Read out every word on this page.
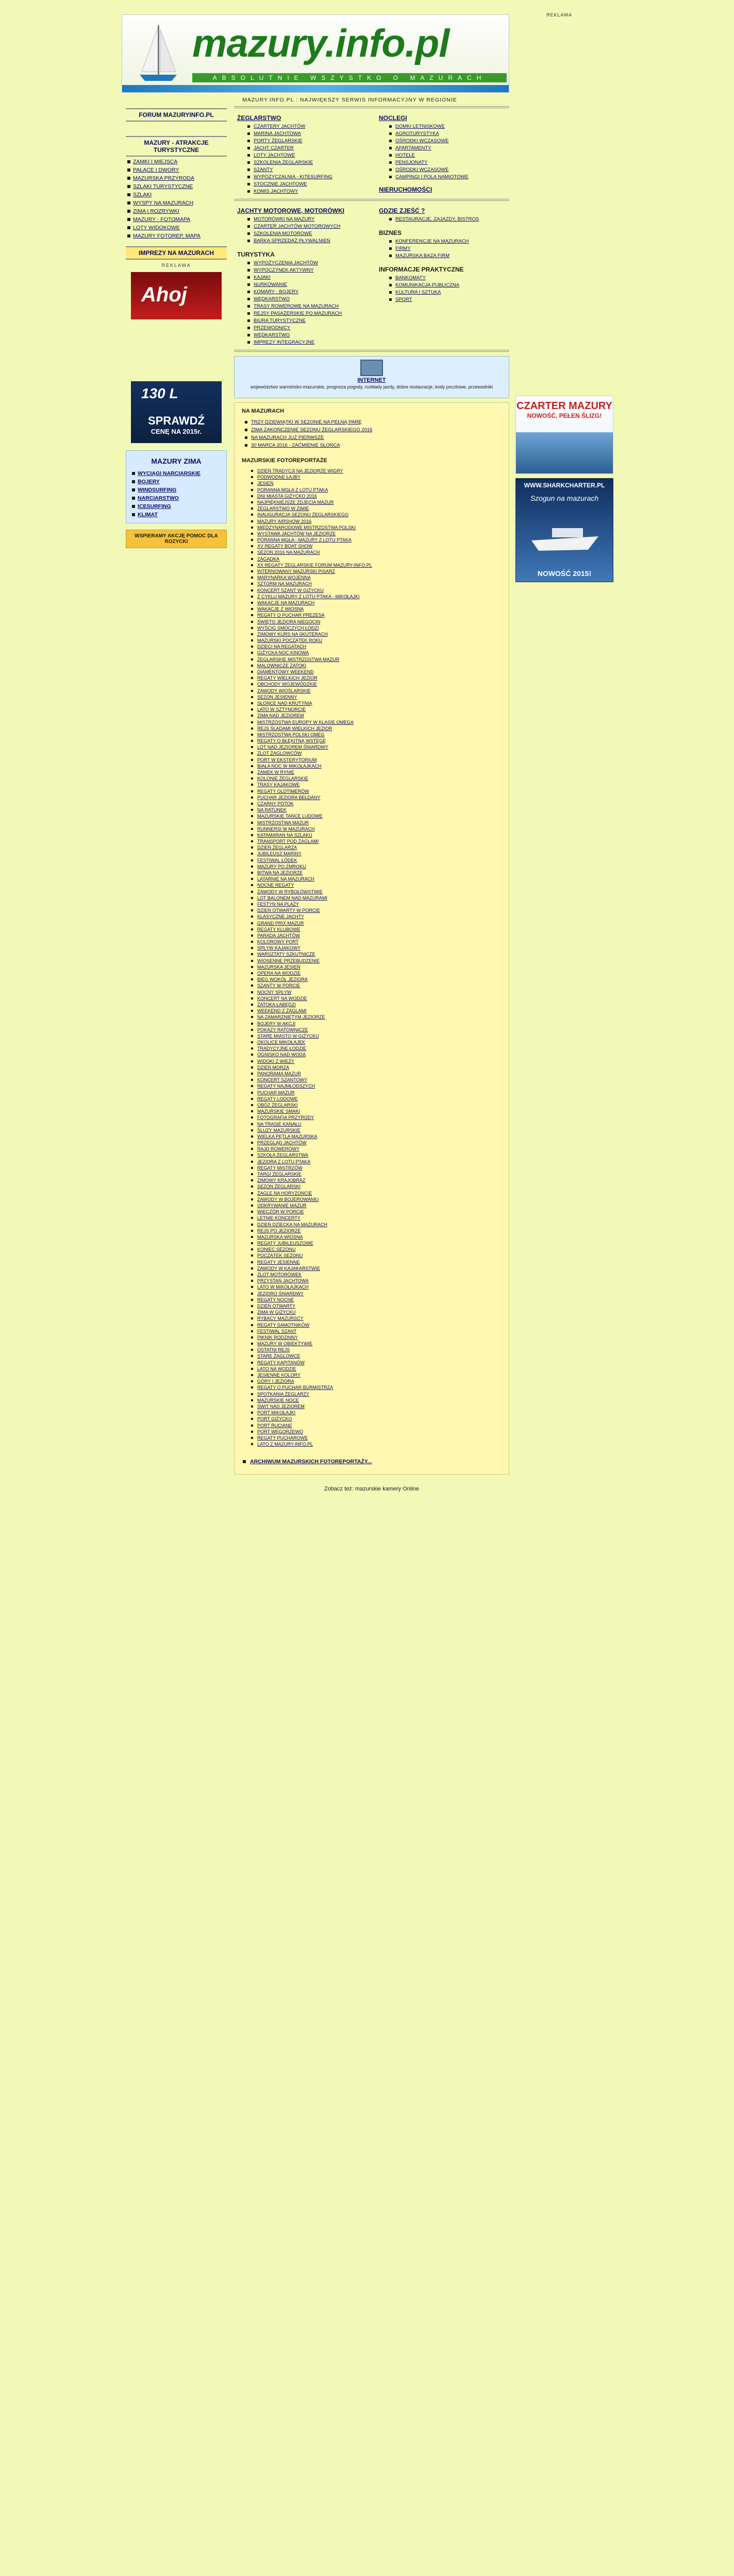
REKLAMA
mazury.info.pl
ABSOLUTNIE WSZYSTKO O MAZURACH
FORUM MAZURYINFO.PL
MAZURY - ATRAKCJE TURYSTYCZNE
ZAMKI I MIEJSCA
PAŁACE I DWORY
MAZURSKA PRZYRODA
SZLAKI TURYSTYCZNE
SZLAKI
WYSPY NA MAZURACH
ZIMA I ROZRYWKI
MAZURY - FOTOMAPA
LOTY WIDOKOWE
MAZURY FOTOREP. MAPA
IMPREZY NA MAZURACH
REKLAMA
Ahoj
130 L
SPRAWDŹ
CENĘ NA 2015r.
MAZURY ZIMA
WYCIĄGI NARCIARSKIE
BOJERY
WINDSURFING
NARCIARSTWO
ICESURFING
KLIMAT
WSPIERAMY AKCJĘ POMOC DLA ROZYCKI
MAZURY.INFO.PL : NAJWIĘKSZY SERWIS INFORMACYJNY W REGIONIE
ŻEGLARSTWO
CZARTERY JACHTÓW
MARINA JACHTOWA
PORTY ŻEGLARSKIE
JACHT CZARTER
LOTY JACHTOWE
SZKOLENIA ŻEGLARSKIE
SZANTY
WYPOŻYCZALNIA - KITESURFING
STOCZNIE JACHTOWE
KOMIS JACHTOWY
NOCLEGI
DOMKI LETNISKOWE
AGROTURYSTYKA
OŚRODKI WCZASOWE
APARTAMENTY
HOTELE
PENSJONATY
OŚRODKI WCZASOWE
CAMPINGI I POLA NAMIOTOWE
NIERUCHOMOŚCI
JACHTY MOTOROWE, MOTORÓWKI
MOTORÓWKI NA MAZURY
CZARTER JACHTÓW MOTOROWYCH
SZKOLENIA MOTOROWE
BARKA SPRZEDAŻ PŁYWALNIEŃ
TURYSTYKA
WYPOŻYCZENIA JACHTÓW
WYPOCZYNEK AKTYWNY
KAJAKI
NURKOWANIE
KOMARY - BOJERY
WĘDKARSTWO
TRASY ROWEROWE NA MAZURACH
REJSY PASAŻERSKIE PO MAZURACH
BIURA TURYSTYCZNE
PRZEWODNICY
WĘDKARSTWO
IMPREZY INTEGRACYJNE
GDZIE ZJEŚĆ ?
RESTAURACJE, ZAJAZDY, BISTROS
BIZNES
KONFERENCJE NA MAZURACH
FIRMY
MAZURSKA BAZA FIRM
INFORMACJE PRAKTYCZNE
BANKOMATY
KOMUNIKACJA PUBLICZNA
KULTURA I SZTUKA
SPORT
INTERNET
województwo warmińsko-mazurskie, prognoza pogody, rozkłady jazdy, dobre restauracje, kody pocztowe, przewodniki
NA MAZURACH
TRZY DZIEWIĄTKI W SEZONIE NA PEŁNĄ PARĘ
ZIMA ZAKOŃCZENIE SEZONU ŻEGLARSKIEGO 2016
NA MAZURACH JUŻ PIERWSZE
30 MARCA 2016 - ZAĆMIENIE SŁOŃCA
MAZURSKIE FOTOREPORTAŻE
DZIEŃ TRADYCJI NA JEZIORZE WIGRY
PODWODNE ŁAJBY
JESIEŃ
PORANNA MGŁA Z LOTU PTAKA
DNI MIASTA GIŻYCKO 2016
NAJPIĘKNIEJSZE ZDJĘCIA MAZUR
ŻEGLARSTWO W ZIMIE
INAUGURACJA SEZONU ŻEGLARSKIEGO
MAZURY AIRSHOW 2016
MIĘDZYNARODOWE MISTRZOSTWA POLSKI
WYSTAWA JACHTÓW NA JEZIORZE
PORANNA MGŁA - MAZURY Z LOTU PTAKA
XV REGATY BOAT SHOW
SEZON 2016 NA MAZURACH
ZAGADKA
XX REGATY ŻEGLARSKIE FORUM MAZURY-INFO.PL
INTERNOWANY MAZURSKI PISARZ
MARYNARKA WOJENNA
SZTORM NA MAZURACH
KONCERT SZANT W GIŻYCKU
Z CYKLU MAZURY Z LOTU PTAKA - MIKOŁAJKI
WAKACJE NA MAZURACH
WAKACJE Z WIOSNĄ
REGATY O PUCHAR PREZESA
ŚWIĘTO JEZIORA NIEGOCIN
WYŚCIG SMOCZYCH ŁODZI
ZIMOWY KURS NA SKUTERACH
MAZURSKI POCZĄTEK ROKU
DZIECI NA REGATACH
GIŻYCKA NOC KINOWA
ŻEGLARSKIE MISTRZOSTWA MAZUR
MALOWNICZE ZATOKI
DIAMENTOWY WEEKEND
REGATY WIELKICH JEZIOR
OBCHODY WOJEWÓDZKIE
ZAWODY WIOŚLARSKIE
SEZON JESIENNY
SŁOŃCE NAD KRUTYNIĄ
LATO W SZTYNORCIE
ZIMA NAD JEZIOREM
MISTRZOSTWA EUROPY W KLASIE OMEGA
REJS ŚLADAMI WIELKICH JEZIOR
MISTRZOSTWA POLSKI OMEG
REGATY O BŁĘKITNĄ WSTĘGĘ
LOT NAD JEZIOREM ŚNIARDWY
ZLOT ŻAGLOWCÓW
PORT W EKSTERYTORIUM
BIAŁA NOC W MIKOŁAJKACH
ZAMEK W RYNIE
KOLONIE ŻEGLARSKIE
TRASY KAJAKOWE
REGATY OLDTIMERÓW
PUCHAR JEZIORA BEŁDANY
CZARNY POTOK
NA RATUNEK
MAZURSKIE TAŃCE LUDOWE
MISTRZOSTWA MAZUR
RUNNERSI W MAZURACH
KATAMARAN NA SZLAKU
TRANSPORT POD ŻAGLAMI
DZIEŃ ŻEGLARZA
JUBILEUSZ MARINY
FESTIWAL ŁÓDEK
MAZURY PO ZMROKU
BITWA NA JEZIORZE
LATARNIE NA MAZURACH
NOCNE REGATY
ZAWODY W RYBOŁÓWSTWIE
LOT BALONEM NAD MAZURAMI
FESTYN NA PLAŻY
DZIEŃ OTWARTY W PORCIE
KLASYCZNE JACHTY
GRAND PRIX MAZUR
REGATY KLUBOWE
PARADA JACHTÓW
KOLOROWY PORT
SPŁYW KAJAKOWY
WARSZTATY SZKUTNICZE
WIOSENNE PRZEBUDZENIE
MAZURSKA JESIEŃ
OPERA NA WODZIE
BIEG WOKÓŁ JEZIORA
SZANTY W PORCIE
NOCNY SPŁYW
KONCERT NA WODZIE
ZATOKA ŁABĘDZI
WEEKEND Z ŻAGLAMI
NA ZAMARZNIĘTYM JEZIORZE
BOJERY W AKCJI
POKAZY RATOWNICZE
STARE MIASTO W GIŻYCKU
OKOLICE MIKOŁAJEK
TRADYCYJNE ŁODZIE
OGNISKO NAD WODĄ
WIDOKI Z WIEŻY
DZIEŃ MORZA
PANORAMA MAZUR
KONCERT SZANTOWY
REGATY NAJMŁODSZYCH
PUCHAR MAZUR
REGATY LODOWE
OBÓZ ŻEGLARSKI
MAZURSKIE SMAKI
FOTOGRAFIA PRZYRODY
NA TRASIE KANAŁU
ŚLUZY MAZURSKIE
WIELKA PĘTLA MAZURSKA
PRZEGLĄD JACHTÓW
RAJD ROWEROWY
SZKOŁA ŻEGLARSTWA
JEZIORA Z LOTU PTAKA
REGATY MISTRZÓW
TARGI ŻEGLARSKIE
ZIMOWY KRAJOBRAZ
SEZON ŻEGLARSKI
ŻAGLE NA HORYZONCIE
ZAWODY W BOJEROWANIU
ODKRYWANIE MAZUR
WIECZÓR W PORCIE
LETNIE KONCERTY
DZIEŃ DZIECKA NA MAZURACH
REJS PO JEZIORZE
MAZURSKA WIOSNA
REGATY JUBILEUSZOWE
KONIEC SEZONU
POCZĄTEK SEZONU
REGATY JESIENNE
ZAWODY W KAJAKARSTWIE
ZLOT MOTORÓWEK
PRZYSTAŃ JACHTOWA
LATO W MIKOŁAJKACH
JEZIORO ŚNIARDWY
REGATY NOCNE
DZIEŃ OTWARTY
ZIMA W GIŻYCKU
RYBACY MAZURSCY
REGATY SAMOTNIKÓW
FESTIWAL SZANT
PIKNIK RODZINNY
MAZURY W OBIEKTYWIE
OSTATNI REJS
STARE ŻAGLOWCE
REGATY KAPITANÓW
LATO NA WODZIE
JESIENNE KOLORY
GÓRY I JEZIORA
REGATY O PUCHAR BURMISTRZA
SPOTKANIA ŻEGLARZY
MAZURSKIE NOCE
ŚWIT NAD JEZIOREM
PORT MIKOŁAJKI
PORT GIŻYCKO
PORT RUCIANE
PORT WĘGORZEWO
REGATY PUCHAROWE
LATO Z MAZURY-INFO.PL
ARCHIWUM MAZURSKICH FOTOREPORTAŻY...
Zobacz też: mazurskie kamery Online
CZARTER MAZURY
NOWOŚĆ, PEŁEN ŚLIZG!
WWW.SHARKCHARTER.PL
Szogun na mazurach
NOWOŚĆ 2015!
